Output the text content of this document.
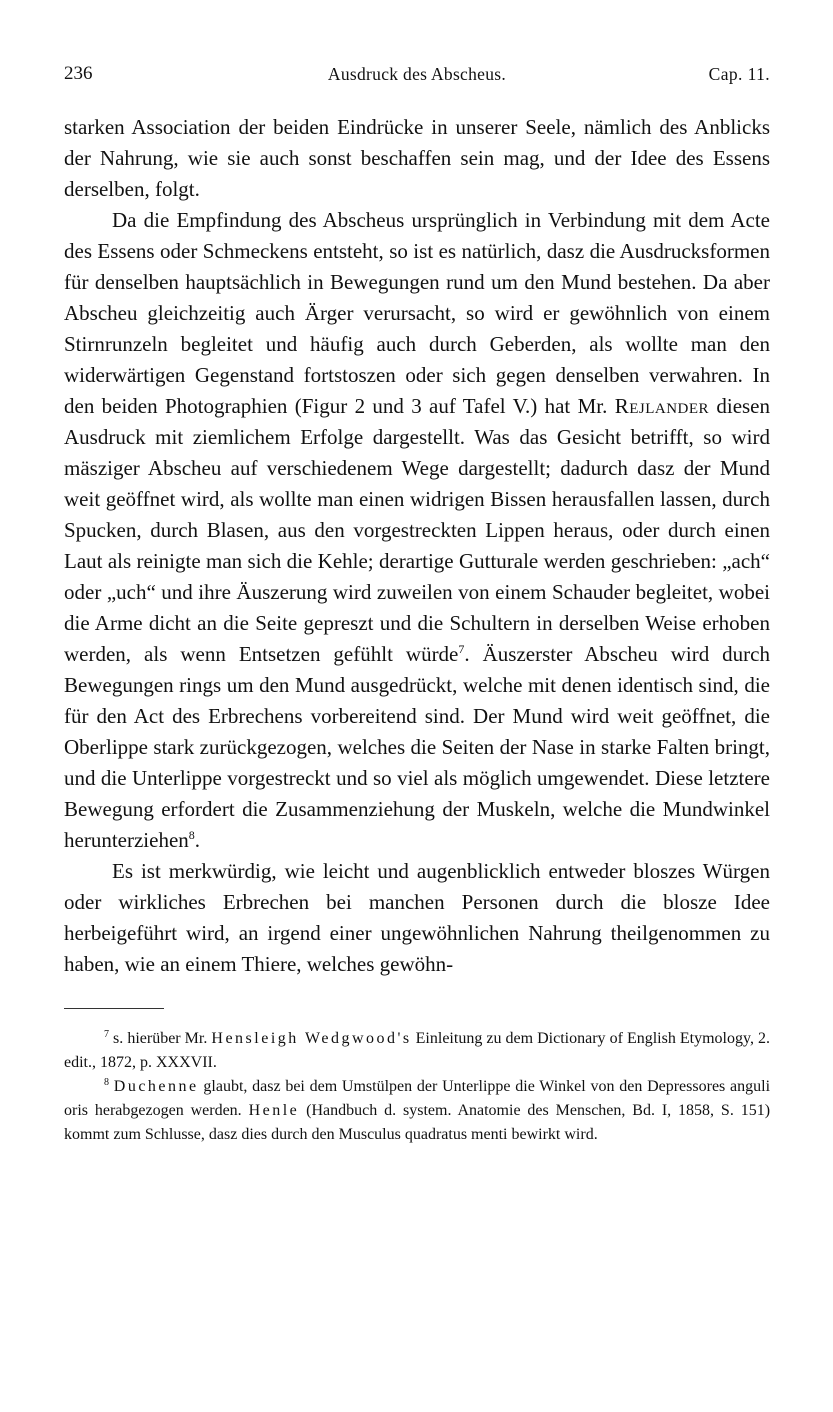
236	Ausdruck des Abscheus.	Cap. 11.

starken Association der beiden Eindrücke in unserer Seele, nämlich des Anblicks der Nahrung, wie sie auch sonst beschaffen sein mag, und der Idee des Essens derselben, folgt.

Da die Empfindung des Abscheus ursprünglich in Verbindung mit dem Acte des Essens oder Schmeckens entsteht, so ist es natürlich, dasz die Ausdrucksformen für denselben hauptsächlich in Bewegungen rund um den Mund bestehen. Da aber Abscheu gleichzeitig auch Ärger verursacht, so wird er gewöhnlich von einem Stirnrunzeln begleitet und häufig auch durch Geberden, als wollte man den widerwärtigen Gegenstand fortstoszen oder sich gegen denselben verwahren. In den beiden Photographien (Figur 2 und 3 auf Tafel V.) hat Mr. Rejlander diesen Ausdruck mit ziemlichem Erfolge dargestellt. Was das Gesicht betrifft, so wird mäsziger Abscheu auf verschiedenem Wege dargestellt; dadurch dasz der Mund weit geöffnet wird, als wollte man einen widrigen Bissen herausfallen lassen, durch Spucken, durch Blasen, aus den vorgestreckten Lippen heraus, oder durch einen Laut als reinigte man sich die Kehle; derartige Gutturale werden geschrieben: „ach“ oder „uch“ und ihre Äuszerung wird zuweilen von einem Schauder begleitet, wobei die Arme dicht an die Seite gepreszt und die Schultern in derselben Weise erhoben werden, als wenn Entsetzen gefühlt würde$^7$. Äuszerster Abscheu wird durch Bewegungen rings um den Mund ausgedrückt, welche mit denen identisch sind, die für den Act des Erbrechens vorbereitend sind. Der Mund wird weit geöffnet, die Oberlippe stark zurückgezogen, welches die Seiten der Nase in starke Falten bringt, und die Unterlippe vorgestreckt und so viel als möglich umgewendet. Diese letztere Bewegung erfordert die Zusammenziehung der Muskeln, welche die Mundwinkel herunterziehen$^8$.

Es ist merkwürdig, wie leicht und augenblicklich entweder bloszes Würgen oder wirkliches Erbrechen bei manchen Personen durch die blosze Idee herbeigeführt wird, an irgend einer ungewöhnlichen Nahrung theilgenommen zu haben, wie an einem Thiere, welches gewöhn-

$^7$ s. hierüber Mr. Hensleigh Wedgwood's Einleitung zu dem Dictionary of English Etymology, 2. edit., 1872, p. XXXVII.

$^8$ Duchenne glaubt, dasz bei dem Umstülpen der Unterlippe die Winkel von den Depressores anguli oris herabgezogen werden. Henle (Handbuch d. system. Anatomie des Menschen, Bd. I, 1858, S. 151) kommt zum Schlusse, dasz dies durch den Musculus quadratus menti bewirkt wird.
